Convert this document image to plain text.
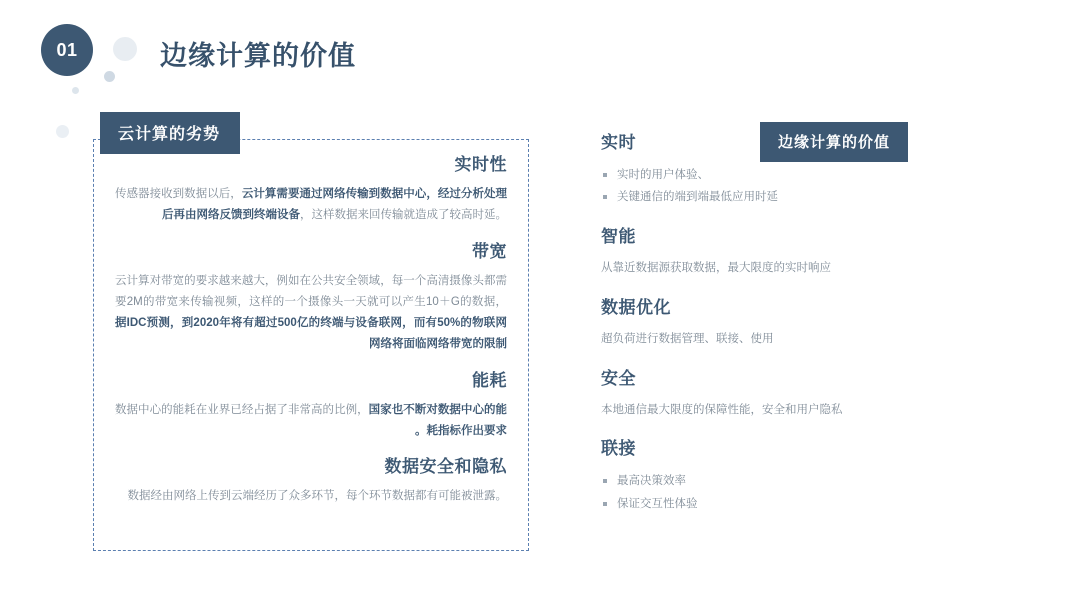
01	边缘计算的价值
云计算的劣势
实时性
传感器接收到数据以后，云计算需要通过网络传输到数据中心，经过分析处理后再由网络反馈到终端设备，这样数据来回传输就造成了较高时延。
带宽
云计算对带宽的要求越来越大，例如在公共安全领域，每一个高清摄像头都需要2M的带宽来传输视频，这样的一个摄像头一天就可以产生10＋G的数据，据IDC预测，到2020年将有超过500亿的终端与设备联网，而有50%的物联网网络将面临网络带宽的限制
能耗
数据中心的能耗在业界已经占据了非常高的比例，国家也不断对数据中心的能耗指标作出要求。
数据安全和隐私
数据经由网络上传到云端经历了众多环节，每个环节数据都有可能被泄露。
边缘计算的价值
实时
实时的用户体验、
关键通信的端到端最低应用时延
智能

从靠近数据源获取数据，最大限度的实时响应

数据优化

超负荷进行数据管理、联接、使用

安全

本地通信最大限度的保障性能，安全和用户隐私

联接
最高决策效率
保证交互性体验
